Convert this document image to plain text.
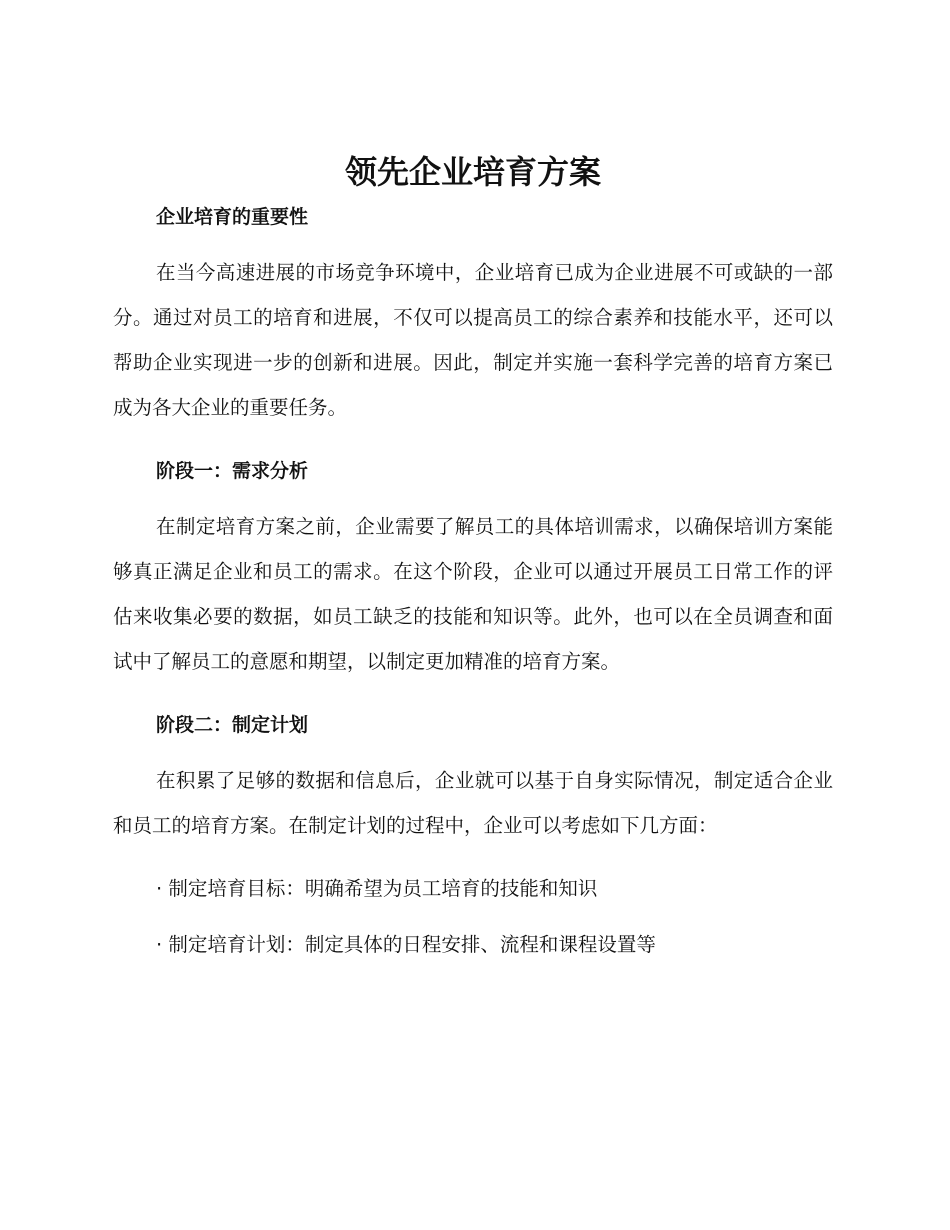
领先企业培育方案
企业培育的重要性

在当今高速进展的市场竞争环境中，企业培育已成为企业进展不可或缺的一部分。通过对员工的培育和进展，不仅可以提高员工的综合素养和技能水平，还可以帮助企业实现进一步的创新和进展。因此，制定并实施一套科学完善的培育方案已成为各大企业的重要任务。

阶段一：需求分析

在制定培育方案之前，企业需要了解员工的具体培训需求，以确保培训方案能够真正满足企业和员工的需求。在这个阶段，企业可以通过开展员工日常工作的评估来收集必要的数据，如员工缺乏的技能和知识等。此外，也可以在全员调查和面试中了解员工的意愿和期望，以制定更加精准的培育方案。

阶段二：制定计划

在积累了足够的数据和信息后，企业就可以基于自身实际情况，制定适合企业和员工的培育方案。在制定计划的过程中，企业可以考虑如下几方面：

· 制定培育目标：明确希望为员工培育的技能和知识

· 制定培育计划：制定具体的日程安排、流程和课程设置等
